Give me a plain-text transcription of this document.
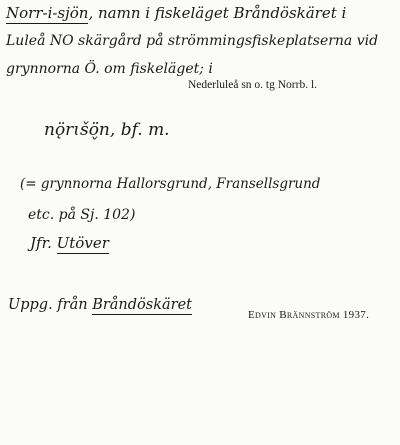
Norr-i-sjön, namn i fiskeläget Bråndöskäret i
Luleå NO skärgård på strömmingsfiskeplatserna vid
grynnorna Ö. om fiskeläget; i
Nederluleå sn o. tg Norrb. l.
nǫ̈rɩšö̬n, bf. m.
(= grynnorna Hallorsgrund, Fransellsgrund
etc. på Sj. 102)
Jfr. Utöver
Uppg. från Bråndöskäret
Edvin Brännström 1937.
